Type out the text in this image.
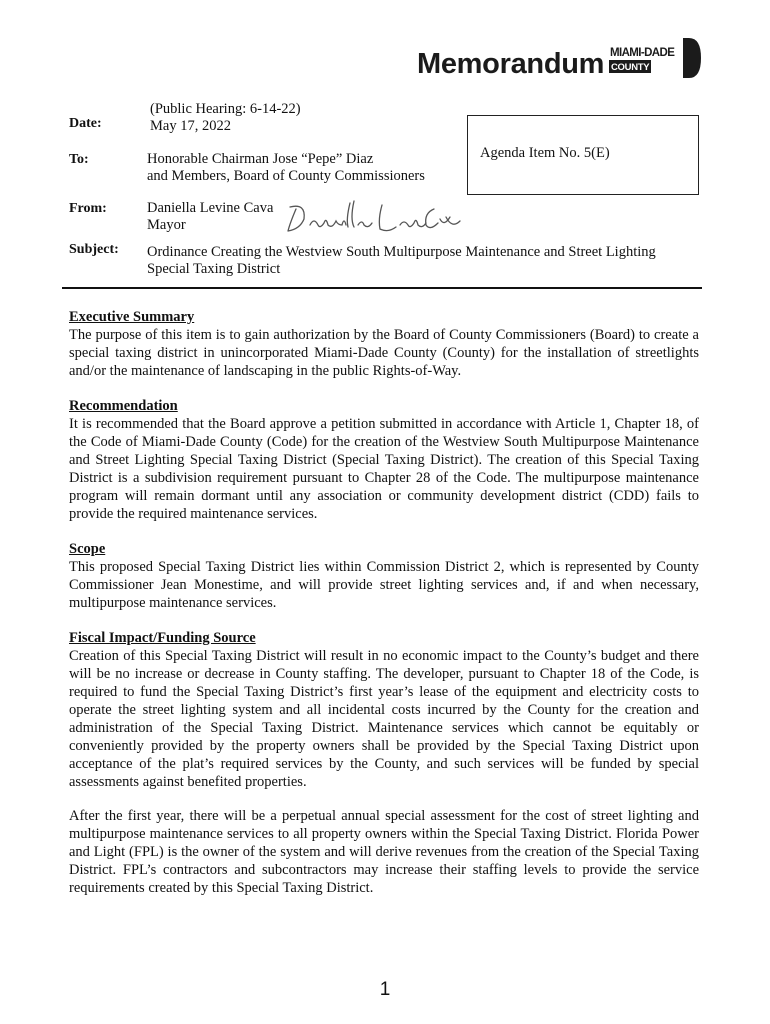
Memorandum MIAMI-DADE
COUNTY
Date:
(Public Hearing: 6-14-22)
May 17, 2022
Agenda Item No. 5(E)
To:	Honorable Chairman Jose “Pepe” Diaz
and Members, Board of County Commissioners
From:	Daniella Levine Cava
Mayor
Subject: Ordinance Creating the Westview South Multipurpose Maintenance and Street Lighting
Special Taxing District
Executive Summary

The purpose of this item is to gain authorization by the Board of County Commissioners (Board) to create a special taxing district in unincorporated Miami-Dade County (County) for the installation of streetlights and/or the maintenance of landscaping in the public Rights-of-Way.

Recommendation

It is recommended that the Board approve a petition submitted in accordance with Article 1, Chapter 18, of the Code of Miami-Dade County (Code) for the creation of the Westview South Multipurpose Maintenance and Street Lighting Special Taxing District (Special Taxing District). The creation of this Special Taxing District is a subdivision requirement pursuant to Chapter 28 of the Code. The multipurpose maintenance program will remain dormant until any association or community development district (CDD) fails to provide the required maintenance services.

Scope

This proposed Special Taxing District lies within Commission District 2, which is represented by County Commissioner Jean Monestime, and will provide street lighting services and, if and when necessary, multipurpose maintenance services.

Fiscal Impact/Funding Source

Creation of this Special Taxing District will result in no economic impact to the County’s budget and there will be no increase or decrease in County staffing. The developer, pursuant to Chapter 18 of the Code, is required to fund the Special Taxing District’s first year’s lease of the equipment and electricity costs to operate the street lighting system and all incidental costs incurred by the County for the creation and administration of the Special Taxing District. Maintenance services which cannot be equitably or conveniently provided by the property owners shall be provided by the Special Taxing District upon acceptance of the plat’s required services by the County, and such services will be funded by special assessments against benefited properties.

After the first year, there will be a perpetual annual special assessment for the cost of street lighting and multipurpose maintenance services to all property owners within the Special Taxing District. Florida Power and Light (FPL) is the owner of the system and will derive revenues from the creation of the Special Taxing District. FPL’s contractors and subcontractors may increase their staffing levels to provide the service requirements created by this Special Taxing District.

1
